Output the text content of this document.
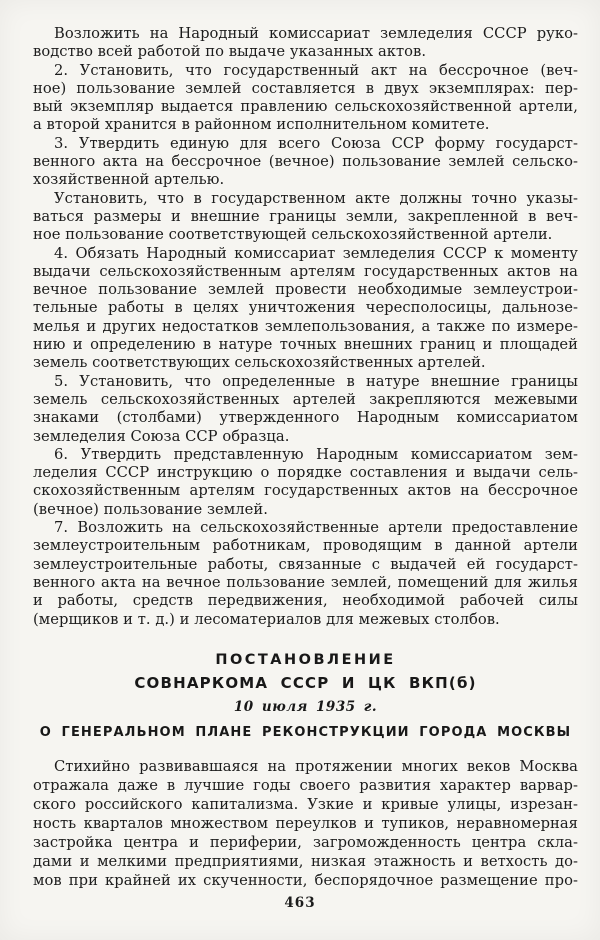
Возложить на Народный комиссариат земледелия СССР руко-
водство всей работой по выдаче указанных актов.
2. Установить, что государственный акт на бессрочное (веч-
ное) пользование землей составляется в двух экземплярах: пер-
вый экземпляр выдается правлению сельскохозяйственной артели,
а второй хранится в районном исполнительном комитете.
3. Утвердить единую для всего Союза ССР форму государст-
венного акта на бессрочное (вечное) пользование землей сельско-
хозяйственной артелью.
Установить, что в государственном акте должны точно указы-
ваться размеры и внешние границы земли, закрепленной в веч-
ное пользование соответствующей сельскохозяйственной артели.
4. Обязать Народный комиссариат земледелия СССР к моменту
выдачи сельскохозяйственным артелям государственных актов на
вечное пользование землей провести необходимые землеустрои-
тельные работы в целях уничтожения чересполосицы, дальнозе-
мелья и других недостатков землепользования, а также по измере-
нию и определению в натуре точных внешних границ и площадей
земель соответствующих сельскохозяйственных артелей.
5. Установить, что определенные в натуре внешние границы
земель сельскохозяйственных артелей закрепляются межевыми
знаками (столбами) утвержденного Народным комиссариатом
земледелия Союза ССР образца.
6. Утвердить представленную Народным комиссариатом зем-
леделия СССР инструкцию о порядке составления и выдачи сель-
скохозяйственным артелям государственных актов на бессрочное
(вечное) пользование землей.
7. Возложить на сельскохозяйственные артели предоставление
землеустроительным работникам, проводящим в данной артели
землеустроительные работы, связанные с выдачей ей государст-
венного акта на вечное пользование землей, помещений для жилья
и работы, средств передвижения, необходимой рабочей силы
(мерщиков и т. д.) и лесоматериалов для межевых столбов.
ПОСТАНОВЛЕНИЕ
СОВНАРКОМА СССР И ЦК ВКП(б)
10 июля 1935 г.
О ГЕНЕРАЛЬНОМ ПЛАНЕ РЕКОНСТРУКЦИИ ГОРОДА МОСКВЫ
Стихийно развивавшаяся на протяжении многих веков Москва
отражала даже в лучшие годы своего развития характер варвар-
ского российского капитализма. Узкие и кривые улицы, изрезан-
ность кварталов множеством переулков и тупиков, неравномерная
застройка центра и периферии, загроможденность центра скла-
дами и мелкими предприятиями, низкая этажность и ветхость до-
мов при крайней их скученности, беспорядочное размещение про-
463
